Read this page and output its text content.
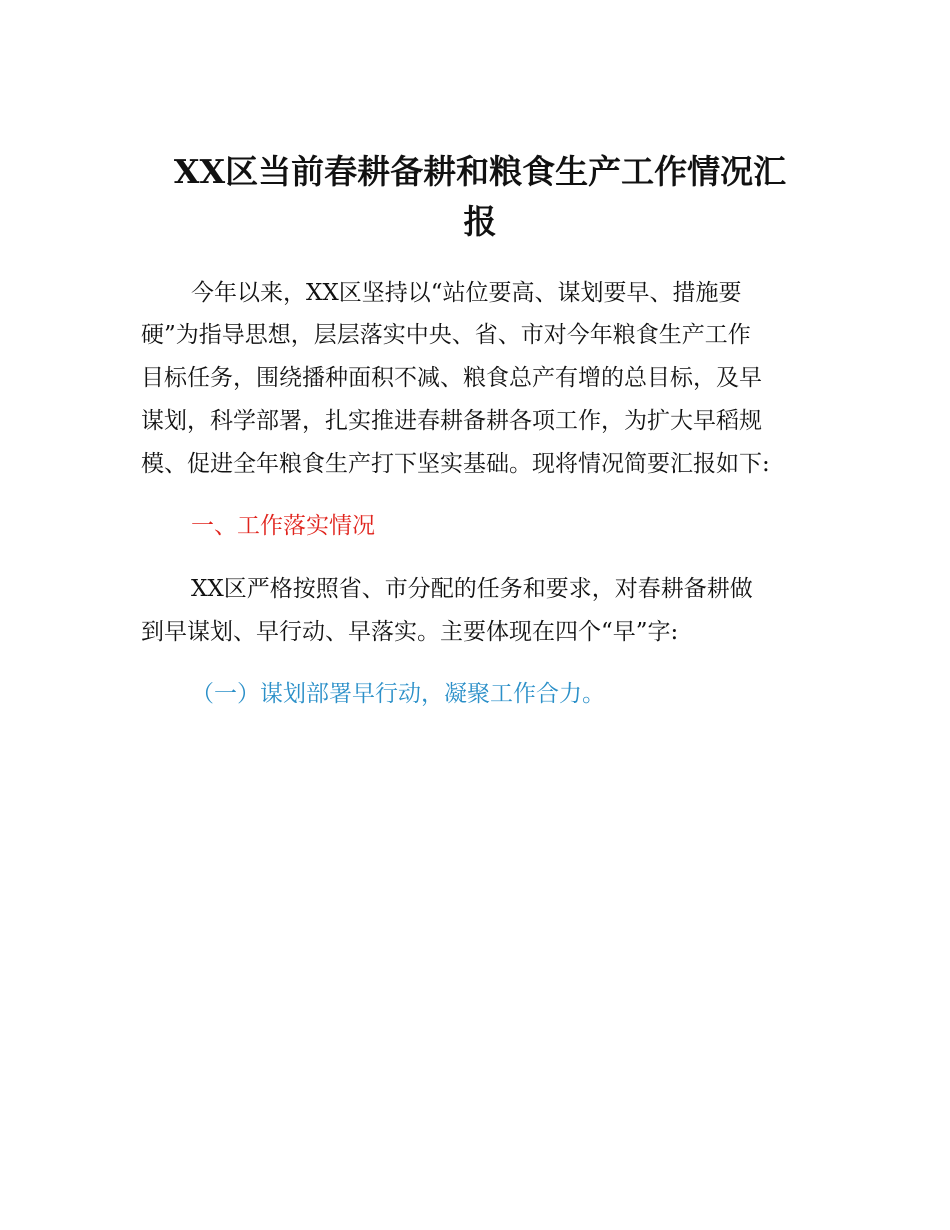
XX区当前春耕备耕和粮食生产工作情况汇
报

今年以来，XX区坚持以“站位要高、谋划要早、措施要

硬”为指导思想，层层落实中央、省、市对今年粮食生产工作

目标任务，围绕播种面积不减、粮食总产有增的总目标，及早

谋划，科学部署，扎实推进春耕备耕各项工作，为扩大早稻规

模、促进全年粮食生产打下坚实基础。现将情况简要汇报如下:

一、工作落实情况

XX区严格按照省、市分配的任务和要求，对春耕备耕做

到早谋划、早行动、早落实。主要体现在四个“早”字:

（一）谋划部署早行动，凝聚工作合力。
